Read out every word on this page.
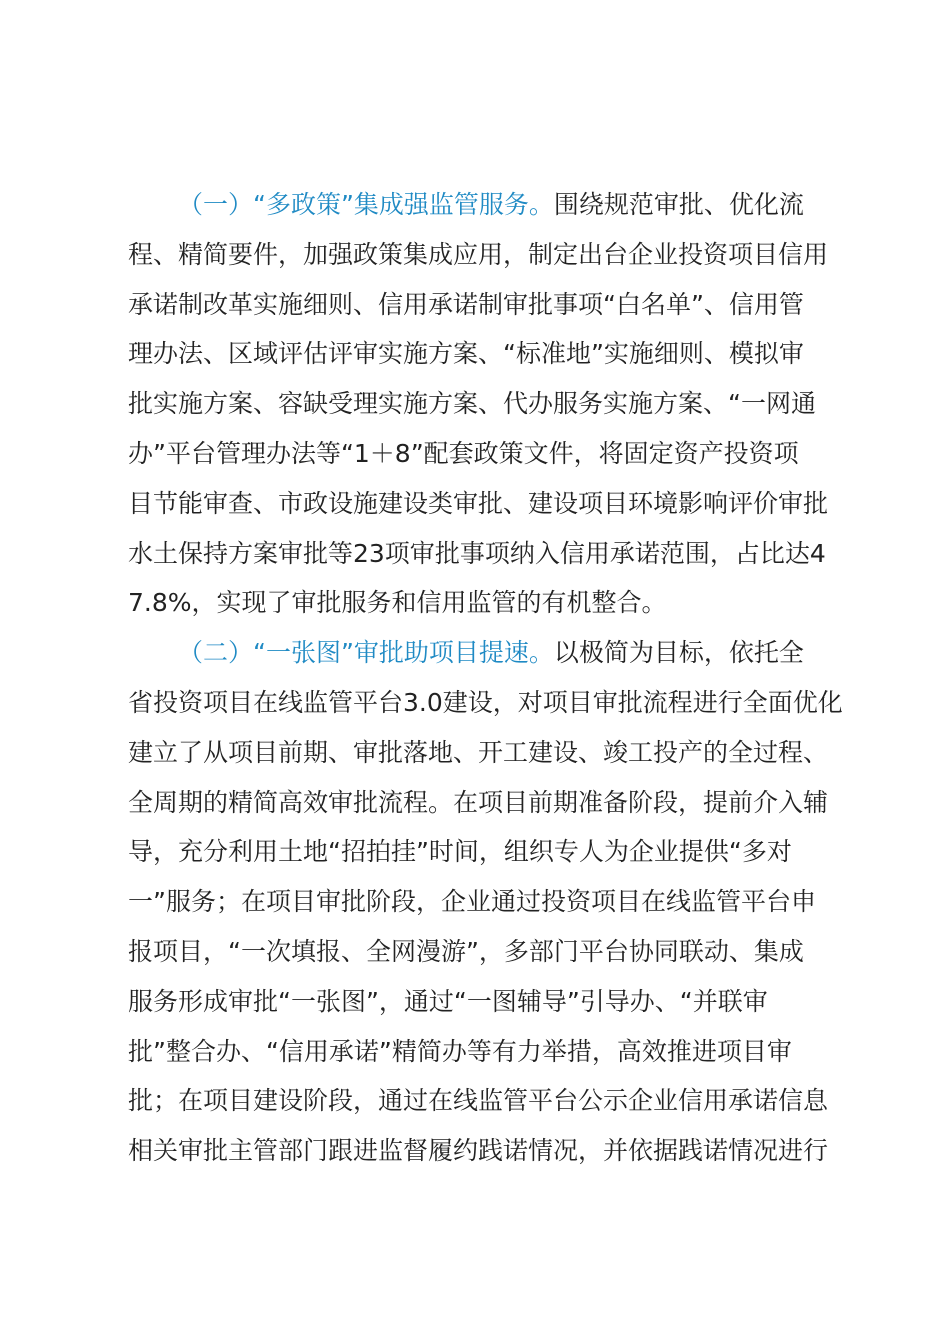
（一）“多政策”集成强监管服务。围绕规范审批、优化流
程、精简要件，加强政策集成应用，制定出台企业投资项目信用
承诺制改革实施细则、信用承诺制审批事项“白名单”、信用管
理办法、区域评估评审实施方案、“标准地”实施细则、模拟审
批实施方案、容缺受理实施方案、代办服务实施方案、“一网通
办”平台管理办法等“1＋8”配套政策文件，将固定资产投资项
目节能审查、市政设施建设类审批、建设项目环境影响评价审批
水土保持方案审批等23项审批事项纳入信用承诺范围，占比达4
7.8%，实现了审批服务和信用监管的有机整合。

（二）“一张图”审批助项目提速。以极简为目标，依托全
省投资项目在线监管平台3.0建设，对项目审批流程进行全面优化
建立了从项目前期、审批落地、开工建设、竣工投产的全过程、
全周期的精简高效审批流程。在项目前期准备阶段，提前介入辅
导，充分利用土地“招拍挂”时间，组织专人为企业提供“多对
一”服务；在项目审批阶段，企业通过投资项目在线监管平台申
报项目，“一次填报、全网漫游”，多部门平台协同联动、集成
服务形成审批“一张图”，通过“一图辅导”引导办、“并联审
批”整合办、“信用承诺”精简办等有力举措，高效推进项目审
批；在项目建设阶段，通过在线监管平台公示企业信用承诺信息
相关审批主管部门跟进监督履约践诺情况，并依据践诺情况进行
